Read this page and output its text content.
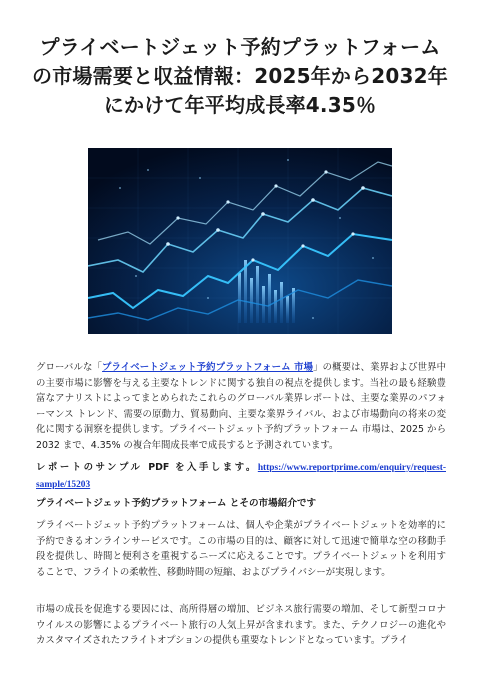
プライベートジェット予約プラットフォームの市場需要と収益情報：2025年から2032年にかけて年平均成長率4.35％

グローバルな「プライベートジェット予約プラットフォーム 市場」の概要は、業界および世界中の主要市場に影響を与える主要なトレンドに関する独自の視点を提供します。当社の最も経験豊富なアナリストによってまとめられたこれらのグローバル業界レポートは、主要な業界のパフォーマンス トレンド、需要の原動力、貿易動向、主要な業界ライバル、および市場動向の将来の変化に関する洞察を提供します。プライベートジェット予約プラットフォーム 市場は、2025 から 2032 まで、4.35% の複合年間成長率で成長すると予測されています。

レポートのサンプル PDF を入手します。https://www.reportprime.com/enquiry/request-sample/15203

プライベートジェット予約プラットフォーム とその市場紹介です

プライベートジェット予約プラットフォームは、個人や企業がプライベートジェットを効率的に予約できるオンラインサービスです。この市場の目的は、顧客に対して迅速で簡単な空の移動手段を提供し、時間と便利さを重視するニーズに応えることです。プライベートジェットを利用することで、フライトの柔軟性、移動時間の短縮、およびプライバシーが実現します。

市場の成長を促進する要因には、高所得層の増加、ビジネス旅行需要の増加、そして新型コロナウイルスの影響によるプライベート旅行の人気上昇が含まれます。また、テクノロジーの進化やカスタマイズされたフライトオプションの提供も重要なトレンドとなっています。プライ
